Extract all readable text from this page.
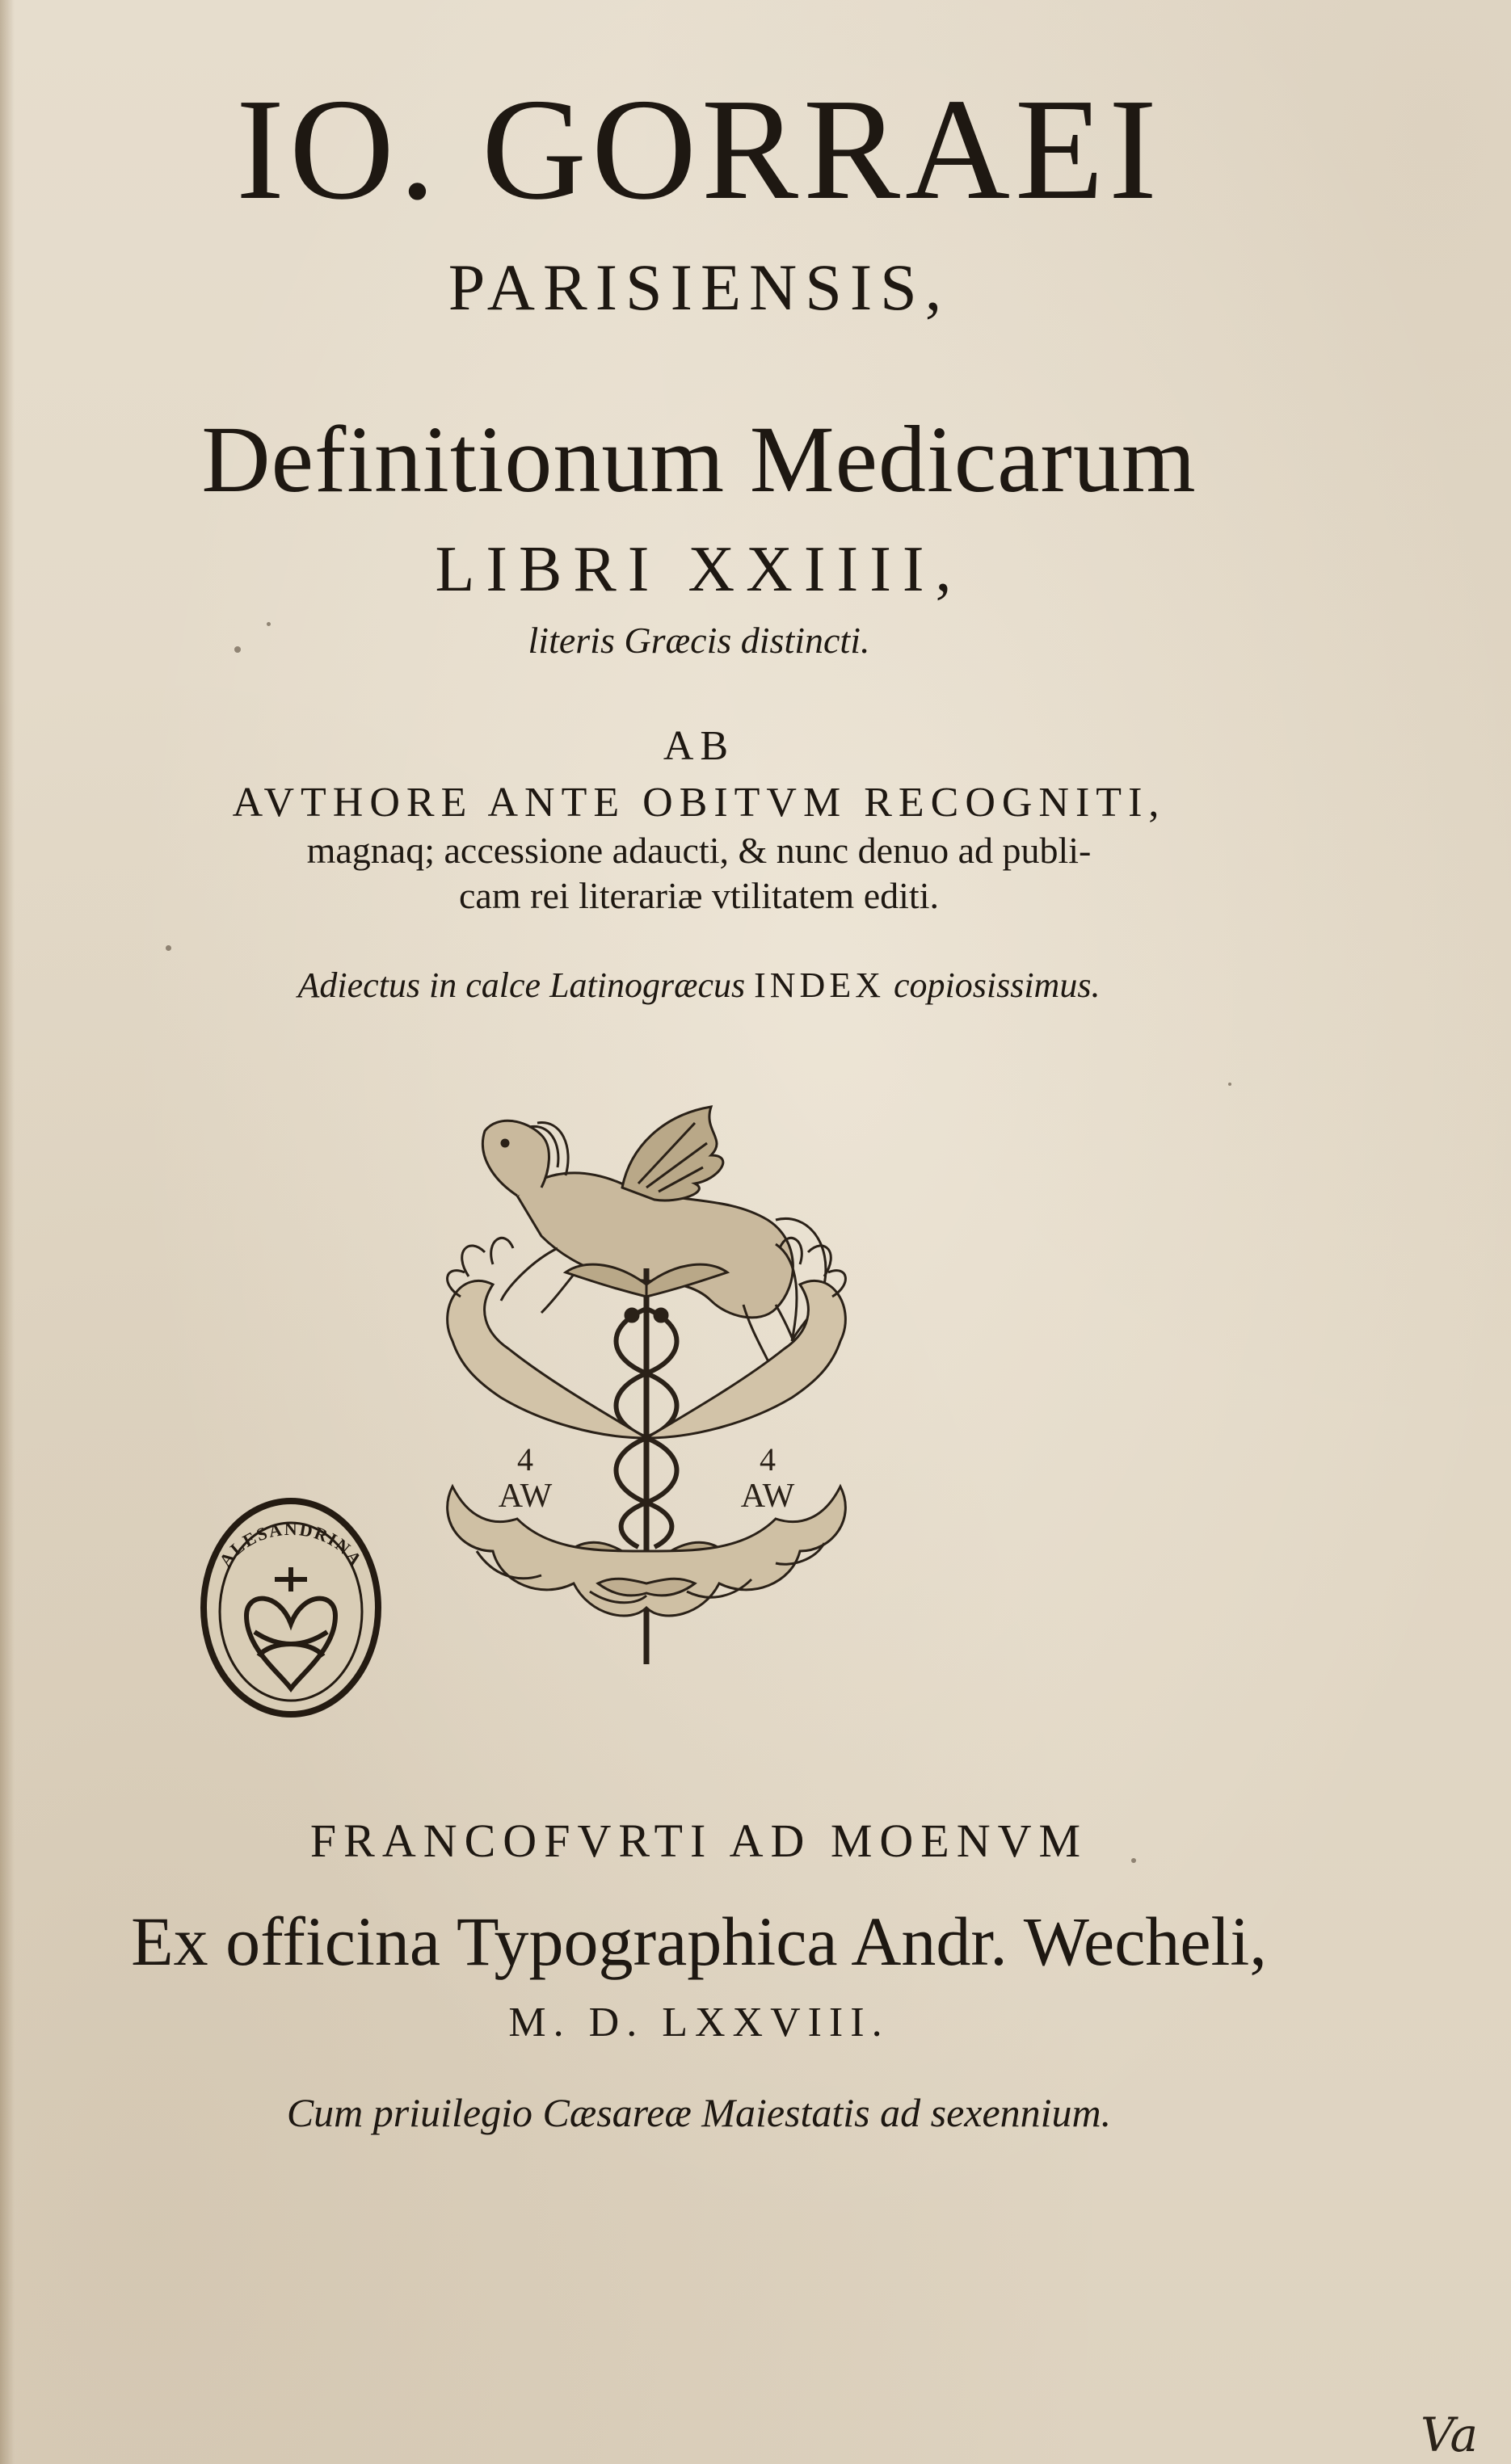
IO. GORRAEI
PARISIENSIS,
Definitionum Medicarum
LIBRI XXIIII,
literis Græcis distincti.
AB
AVTHORE ANTE OBITVM RECOGNITI,
magnaq; accessione adaucti, & nunc denuo ad publi-
cam rei literariæ vtilitatem editi.
Adiectus in calce Latinogræcus INDEX copiosissimus.
4	4
AW	AW
ALESANDRINA
FRANCOFVRTI AD MOENVM
Ex officina Typographica Andr. Wecheli,
M. D. LXXVIII.
Cum priuilegio Cæsareæ Maiestatis ad sexennium.
Va
